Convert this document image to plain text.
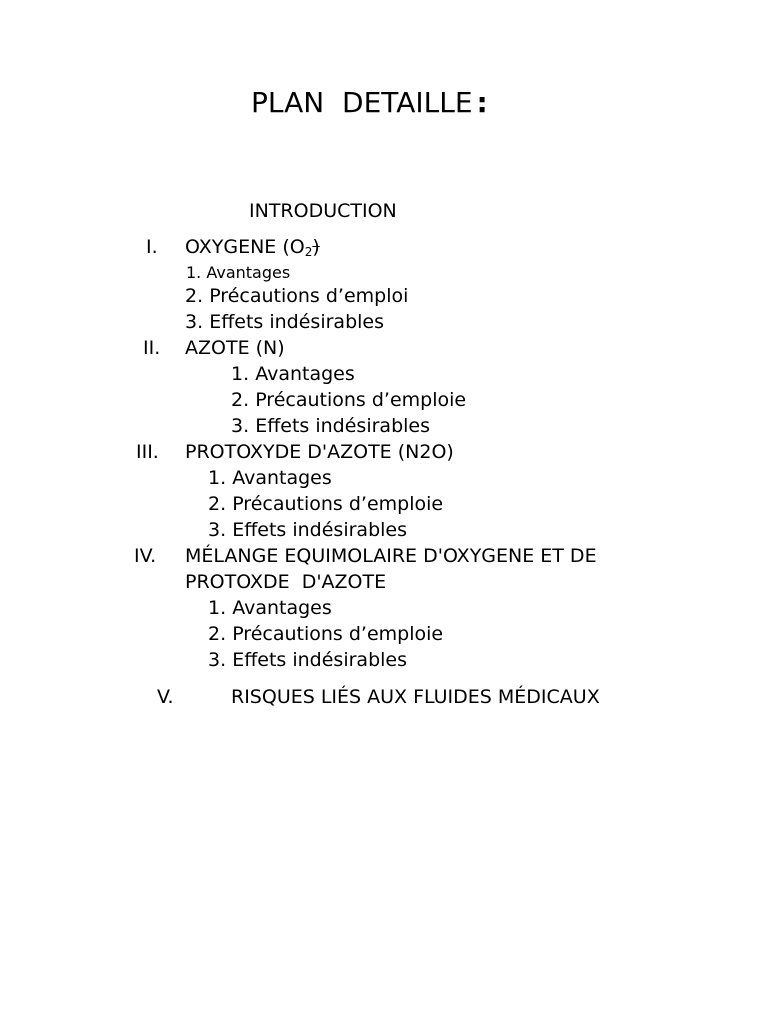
PLAN  DETAILLE :
INTRODUCTION
I. OXYGENE $(O_2)$
1. Avantages
2. Précautions d’emploi
3. Effets indésirables
II. AZOTE (N)
1. Avantages
2. Précautions d’emploie
3. Effets indésirables
III. PROTOXYDE D'AZOTE (N2O)
1. Avantages
2. Précautions d’emploie
3. Effets indésirables
IV. MÉLANGE EQUIMOLAIRE D'OXYGENE ET DE
PROTOXDE  D'AZOTE
1. Avantages
2. Précautions d’emploie
3. Effets indésirables
V.	RISQUES LIÉS AUX FLUIDES MÉDICAUX
